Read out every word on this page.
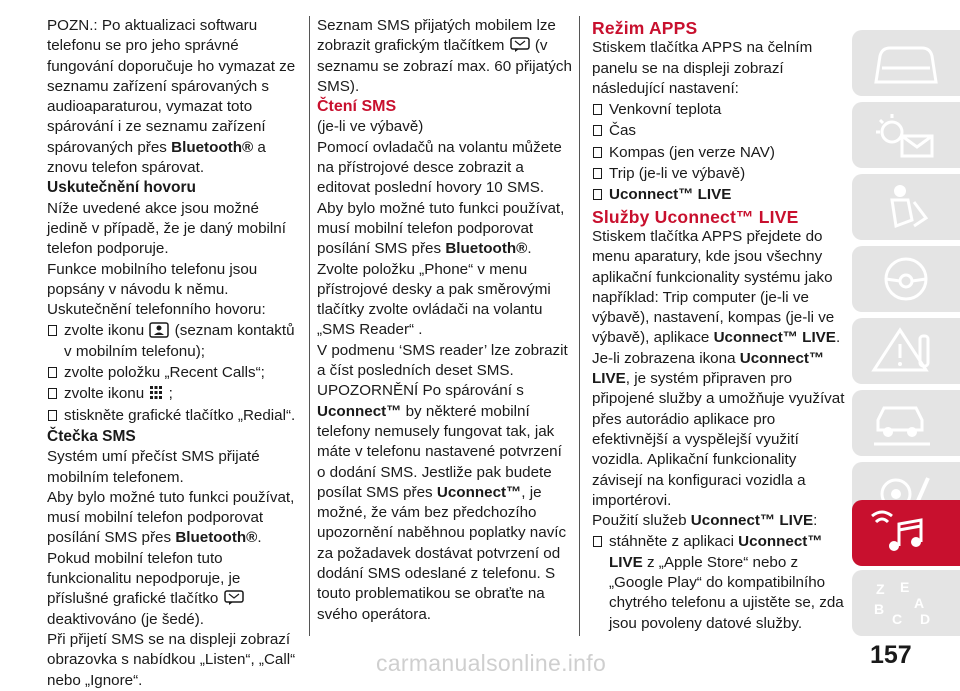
POZN.: Po aktualizaci softwaru telefonu se pro jeho správné fungování doporučuje ho vymazat ze seznamu zařízení spárovaných s audioaparaturou, vymazat toto spárování i ze seznamu zařízení spárovaných přes Bluetooth® a znovu telefon spárovat.

Uskutečnění hovoru

Níže uvedené akce jsou možné jedině v případě, že je daný mobilní telefon podporuje.

Funkce mobilního telefonu jsou popsány v návodu k němu.

Uskutečnění telefonního hovoru:

zvolte ikonu (seznam kontaktů v mobilním telefonu);
zvolte položku „Recent Calls“;
zvolte ikonu ;
stiskněte grafické tlačítko „Redial“.

Čtečka SMS

Systém umí přečíst SMS přijaté mobilním telefonem.

Aby bylo možné tuto funkci používat, musí mobilní telefon podporovat posílání SMS přes Bluetooth®.

Pokud mobilní telefon tuto funkcionalitu nepodporuje, je příslušné grafické tlačítko  deaktivováno (je šedé).

Při přijetí SMS se na displeji zobrazí obrazovka s nabídkou „Listen“, „Call“ nebo „Ignore“.

Seznam SMS přijatých mobilem lze zobrazit grafickým tlačítkem (v seznamu se zobrazí max. 60 přijatých SMS).

Čtení SMS

(je-li ve výbavě)

Pomocí ovladačů na volantu můžete na přístrojové desce zobrazit a editovat poslední hovory 10 SMS. Aby bylo možné tuto funkci používat, musí mobilní telefon podporovat posílání SMS přes Bluetooth®.

Zvolte položku „Phone“ v menu přístrojové desky a pak směrovými tlačítky zvolte ovládači na volantu „SMS Reader“ .

V podmenu ‘SMS reader’ lze zobrazit a číst posledních deset SMS.

UPOZORNĚNÍ Po spárování s Uconnect™ by některé mobilní telefony nemusely fungovat tak, jak máte v telefonu nastavené potvrzení o dodání SMS. Jestliže pak budete posílat SMS přes Uconnect™, je možné, že vám bez předchozího upozornění naběhnou poplatky navíc za požadavek dostávat potvrzení od dodání SMS odeslané z telefonu. S touto problematikou se obraťte na svého operátora.

Režim APPS

Stiskem tlačítka APPS na čelním panelu se na displeji zobrazí následující nastavení:

Venkovní teplota
Čas
Kompas (jen verze NAV)
Trip (je-li ve výbavě)
Uconnect™ LIVE

Služby Uconnect™ LIVE

Stiskem tlačítka APPS přejdete do menu aparatury, kde jsou všechny aplikační funkcionality systému jako například: Trip computer (je-li ve výbavě), nastavení, kompas (je-li ve výbavě), aplikace Uconnect™ LIVE.

Je-li zobrazena ikona Uconnect™ LIVE, je systém připraven pro připojené služby a umožňuje využívat přes autorádio aplikace pro efektivnější a vyspělejší využití vozidla. Aplikační funkcionality závisejí na konfiguraci vozidla a importérovi.

Použití služeb Uconnect™ LIVE:

stáhněte z aplikaci Uconnect™ LIVE z „Apple Store“ nebo z „Google Play“ do kompatibilního chytrého telefonu a ujistěte se, zda jsou povoleny datové služby.
Z E
B A
C D
157
carmanualsonline.info
